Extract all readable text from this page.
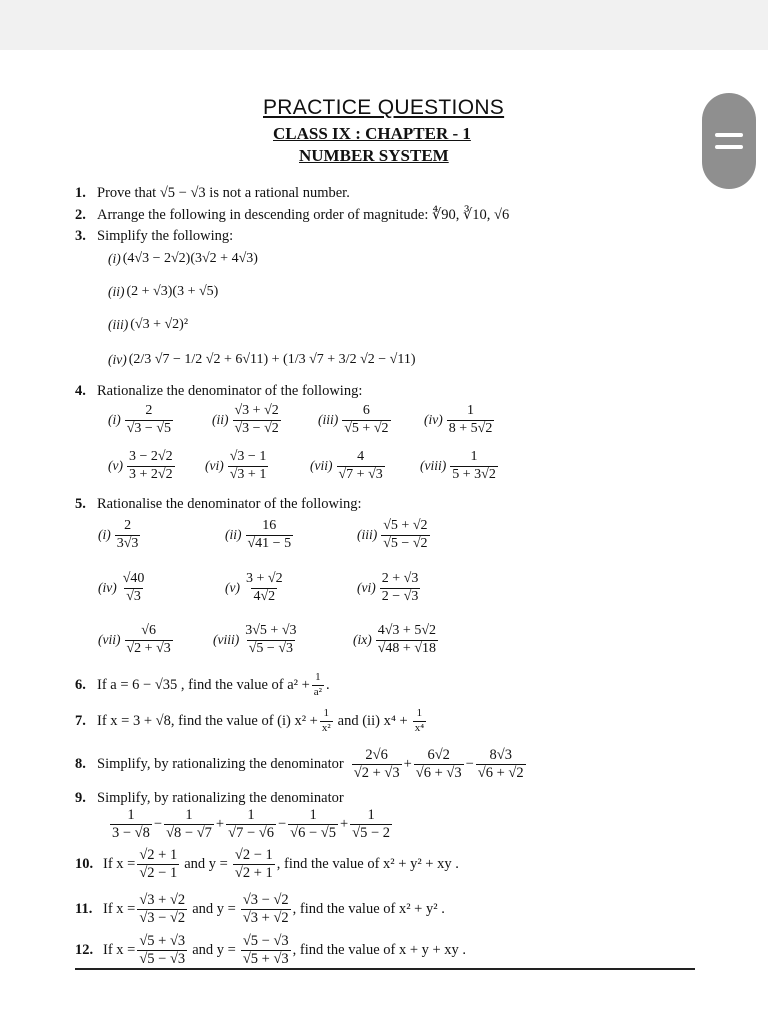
PRACTICE QUESTIONS
CLASS IX : CHAPTER - 1
NUMBER SYSTEM
1. Prove that √5 − √3 is not a rational number.
2. Arrange the following in descending order of magnitude: ∜90, ∛10, √6
3. Simplify the following:
(i) (4√3 − 2√2)(3√2 + 4√3)
(ii) (2 + √3)(3 + √5)
(iii) (√3 + √2)²
(iv) (2/3 √7 − 1/2 √2 + 6√11) + (1/3 √7 + 3/2 √2 − √11)
4. Rationalize the denominator of the following:
$(i) \frac{2}{√3 - √5}$	$(ii) \frac{√3 + √2}{√3 - √2}$	$(iii) \frac{6}{√5 + √2} (iv) \frac{1}{8 + 5√2}$
$(v) \frac{3 - 2√2}{3 + 2√2} (vi) \frac{√3 - 1}{√3 + 1}$	$(vii) \frac{4}{√7 + √3}$	(viii) $\frac{1}{5 + 3√2}$
5. Rationalise the denominator of the following:
$(i) \frac{2}{3√3}$	$(ii) \frac{16}{√41 - 5}$	$(iii) \frac{√5 + √2}{√5 - √2}$
$(iv) \frac{√40}{√3}$	$(v) \frac{3 + √2}{4√2}$	$(vi) \frac{2 + √3}{2 - √3}$
$(vii) \frac{√6}{√2 + √3}$	(viii) $\frac{3√5 + √3}{√5 - √3}$	$(ix) \frac{4√3 + 5√2}{√48 + √18}$
6. If a = 6 − √35 , find the value of $a^2 + \frac{1}{\text{a²}}$ .
7. If x = 3 + √8, find the value of (i) $x^2 + \frac{1}{\text{x²}}$ and (ii) $x^4 + \frac{1}{\text{x⁴}}$
8. Simplify, by rationalizing the denominator $\frac{2√6}{√2 + √3} + \frac{6√2}{√6 + √3} - \frac{8√3}{√6 + √2}$
9. Simplify, by rationalizing the denominator
$\frac{1}{3 - √8} - \frac{1}{√8 - √7} + \frac{1}{√7 - √6} - \frac{1}{√6 - √5} + \frac{1}{√5 - 2}$
10. If $x = \frac{√2 + 1}{√2 - 1}$ and $y = \frac{√2 - 1}{√2 + 1}$ , find the value of x² + y² + xy .
11. If $x = \frac{√3 + √2}{√3 - √2}$ and $y = \frac{√3 - √2}{√3 + √2}$ , find the value of x² + y² .
12. If $x = \frac{√5 + √3}{√5 - √3}$ and $y = \frac{√5 - √3}{√5 + √3}$ , find the value of x + y + xy .
